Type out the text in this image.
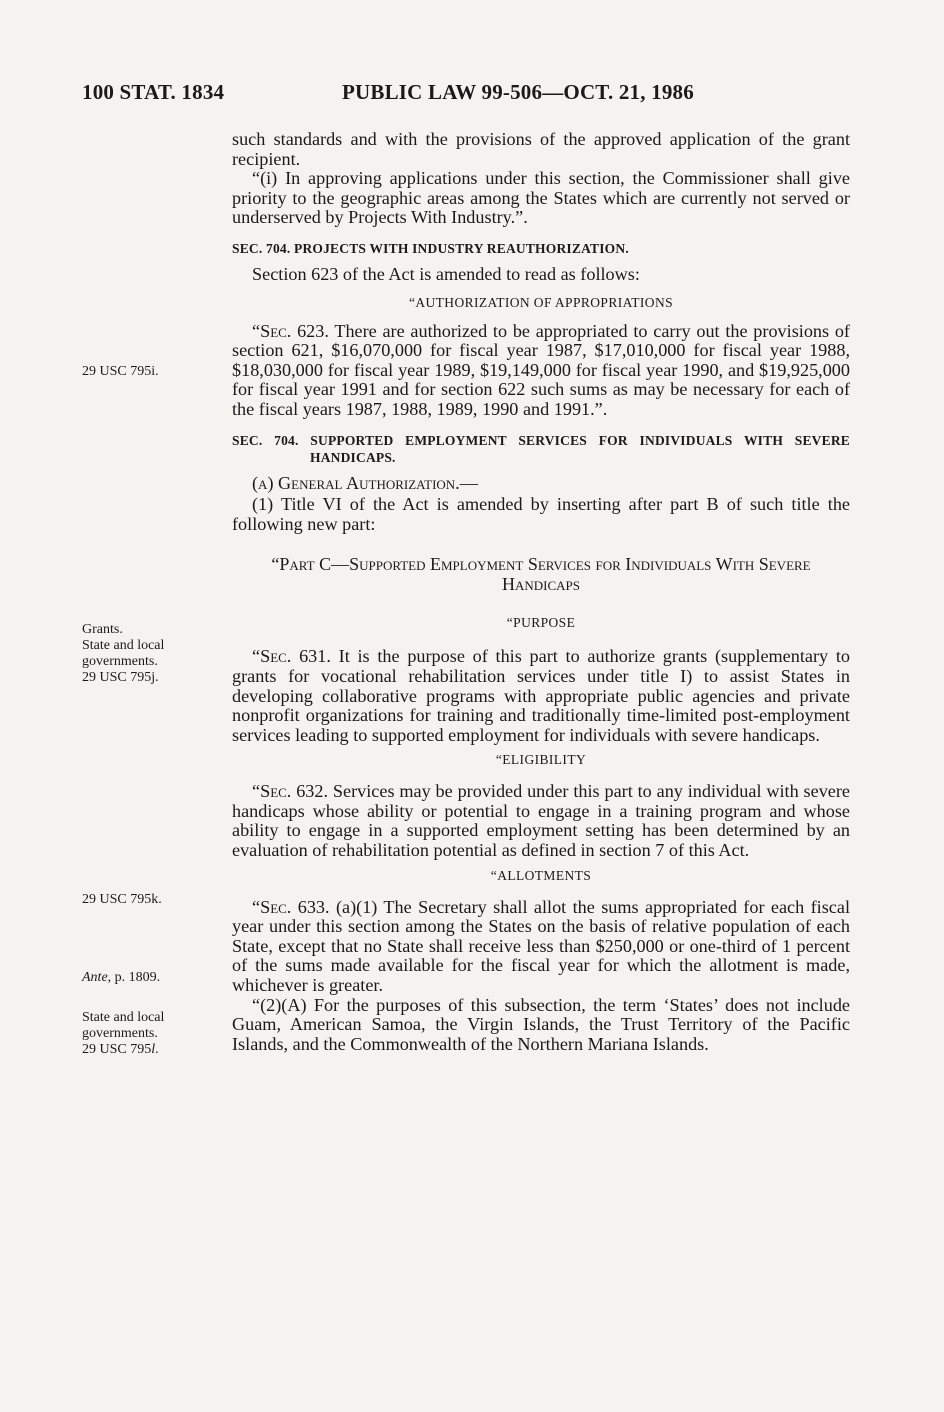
100 STAT. 1834	PUBLIC LAW 99-506—OCT. 21, 1986
29 USC 795i.
Grants.
State and local governments.
29 USC 795j.
29 USC 795k.
Ante, p. 1809.
State and local governments.
29 USC 795l.

such standards and with the provisions of the approved application of the grant recipient.

“(i) In approving applications under this section, the Commissioner shall give priority to the geographic areas among the States which are currently not served or underserved by Projects With Industry.”.

SEC. 704. PROJECTS WITH INDUSTRY REAUTHORIZATION.

Section 623 of the Act is amended to read as follows:

“AUTHORIZATION OF APPROPRIATIONS

“Sec. 623. There are authorized to be appropriated to carry out the provisions of section 621, $16,070,000 for fiscal year 1987, $17,010,000 for fiscal year 1988, $18,030,000 for fiscal year 1989, $19,149,000 for fiscal year 1990, and $19,925,000 for fiscal year 1991 and for section 622 such sums as may be necessary for each of the fiscal years 1987, 1988, 1989, 1990 and 1991.”.

SEC. 704. SUPPORTED EMPLOYMENT SERVICES FOR INDIVIDUALS WITH SEVERE HANDICAPS.

(a) General Authorization.—

(1) Title VI of the Act is amended by inserting after part B of such title the following new part:

“Part C—Supported Employment Services for Individuals With Severe Handicaps
“PURPOSE

“Sec. 631. It is the purpose of this part to authorize grants (supplementary to grants for vocational rehabilitation services under title I) to assist States in developing collaborative programs with appropriate public agencies and private nonprofit organizations for training and traditionally time-limited post-employment services leading to supported employment for individuals with severe handicaps.

“ELIGIBILITY

“Sec. 632. Services may be provided under this part to any individual with severe handicaps whose ability or potential to engage in a training program and whose ability to engage in a supported employment setting has been determined by an evaluation of rehabilitation potential as defined in section 7 of this Act.

“ALLOTMENTS

“Sec. 633. (a)(1) The Secretary shall allot the sums appropriated for each fiscal year under this section among the States on the basis of relative population of each State, except that no State shall receive less than $250,000 or one-third of 1 percent of the sums made available for the fiscal year for which the allotment is made, whichever is greater.

“(2)(A) For the purposes of this subsection, the term ‘States’ does not include Guam, American Samoa, the Virgin Islands, the Trust Territory of the Pacific Islands, and the Commonwealth of the Northern Mariana Islands.
